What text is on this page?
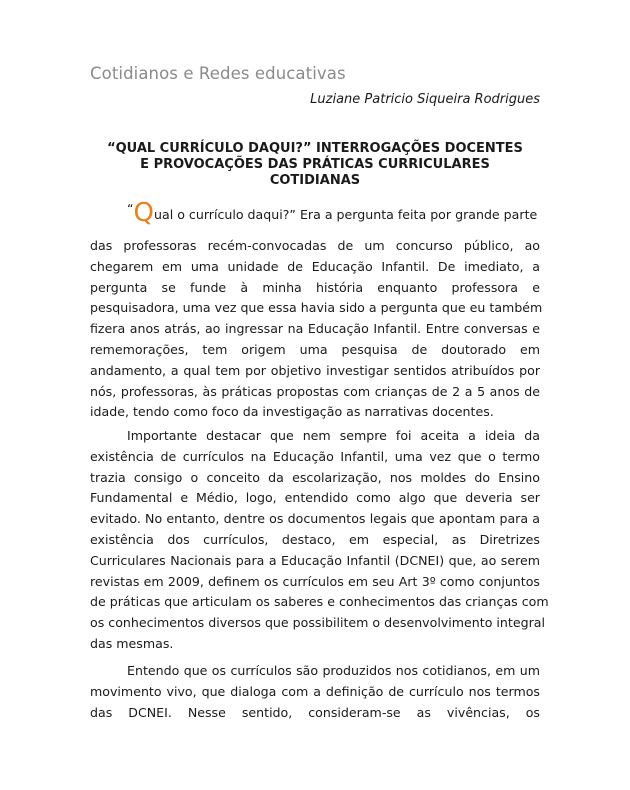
Cotidianos e Redes educativas
Luziane Patricio Siqueira Rodrigues
“QUAL CURRÍCULO DAQUI?” INTERROGAÇÕES DOCENTES
E PROVOCAÇÕES DAS PRÁTICAS CURRICULARES
COTIDIANAS
“Qual o currículo daqui?” Era a pergunta feita por grande parte
das professoras recém-convocadas de um concurso público, ao
chegarem em uma unidade de Educação Infantil. De imediato, a
pergunta se funde à minha história enquanto professora e
pesquisadora, uma vez que essa havia sido a pergunta que eu também
fizera anos atrás, ao ingressar na Educação Infantil. Entre conversas e
rememorações, tem origem uma pesquisa de doutorado em
andamento, a qual tem por objetivo investigar sentidos atribuídos por
nós, professoras, às práticas propostas com crianças de 2 a 5 anos de
idade, tendo como foco da investigação as narrativas docentes.
Importante destacar que nem sempre foi aceita a ideia da
existência de currículos na Educação Infantil, uma vez que o termo
trazia consigo o conceito da escolarização, nos moldes do Ensino
Fundamental e Médio, logo, entendido como algo que deveria ser
evitado. No entanto, dentre os documentos legais que apontam para a
existência dos currículos, destaco, em especial, as Diretrizes
Curriculares Nacionais para a Educação Infantil (DCNEI) que, ao serem
revistas em 2009, definem os currículos em seu Art 3º como conjuntos
de práticas que articulam os saberes e conhecimentos das crianças com
os conhecimentos diversos que possibilitem o desenvolvimento integral
das mesmas.
Entendo que os currículos são produzidos nos cotidianos, em um
movimento vivo, que dialoga com a definição de currículo nos termos
das DCNEI. Nesse sentido, consideram-se as vivências, os
